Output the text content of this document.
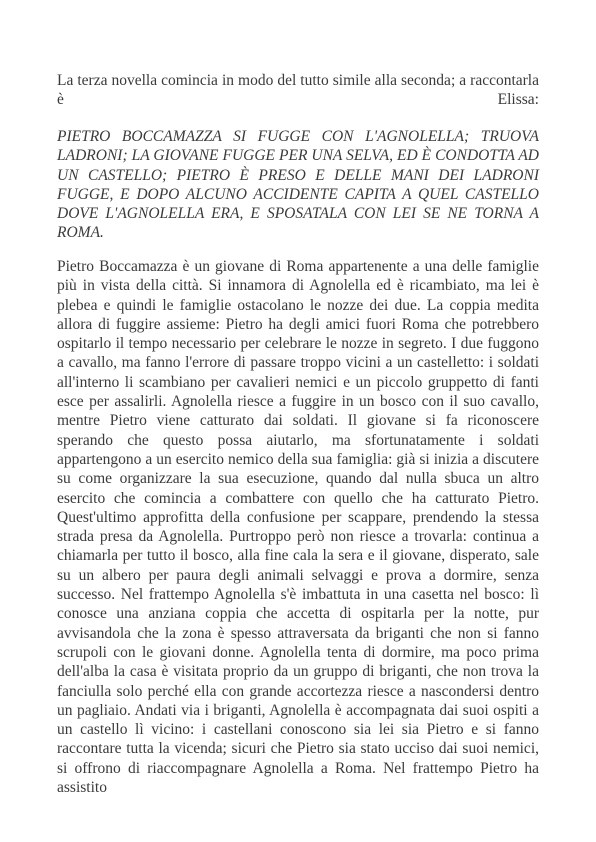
La terza novella comincia in modo del tutto simile alla seconda; a raccontarla è Elissa:

PIETRO BOCCAMAZZA SI FUGGE CON L'AGNOLELLA; TRUOVA LADRONI; LA GIOVANE FUGGE PER UNA SELVA, ED È CONDOTTA AD UN CASTELLO; PIETRO È PRESO E DELLE MANI DEI LADRONI FUGGE, E DOPO ALCUNO ACCIDENTE CAPITA A QUEL CASTELLO DOVE L'AGNOLELLA ERA, E SPOSATALA CON LEI SE NE TORNA A ROMA.

Pietro Boccamazza è un giovane di Roma appartenente a una delle famiglie più in vista della città. Si innamora di Agnolella ed è ricambiato, ma lei è plebea e quindi le famiglie ostacolano le nozze dei due. La coppia medita allora di fuggire assieme: Pietro ha degli amici fuori Roma che potrebbero ospitarlo il tempo necessario per celebrare le nozze in segreto. I due fuggono a cavallo, ma fanno l'errore di passare troppo vicini a un castelletto: i soldati all'interno li scambiano per cavalieri nemici e un piccolo gruppetto di fanti esce per assalirli. Agnolella riesce a fuggire in un bosco con il suo cavallo, mentre Pietro viene catturato dai soldati. Il giovane si fa riconoscere sperando che questo possa aiutarlo, ma sfortunatamente i soldati appartengono a un esercito nemico della sua famiglia: già si inizia a discutere su come organizzare la sua esecuzione, quando dal nulla sbuca un altro esercito che comincia a combattere con quello che ha catturato Pietro. Quest'ultimo approfitta della confusione per scappare, prendendo la stessa strada presa da Agnolella. Purtroppo però non riesce a trovarla: continua a chiamarla per tutto il bosco, alla fine cala la sera e il giovane, disperato, sale su un albero per paura degli animali selvaggi e prova a dormire, senza successo. Nel frattempo Agnolella s'è imbattuta in una casetta nel bosco: lì conosce una anziana coppia che accetta di ospitarla per la notte, pur avvisandola che la zona è spesso attraversata da briganti che non si fanno scrupoli con le giovani donne. Agnolella tenta di dormire, ma poco prima dell'alba la casa è visitata proprio da un gruppo di briganti, che non trova la fanciulla solo perché ella con grande accortezza riesce a nascondersi dentro un pagliaio. Andati via i briganti, Agnolella è accompagnata dai suoi ospiti a un castello lì vicino: i castellani conoscono sia lei sia Pietro e si fanno raccontare tutta la vicenda; sicuri che Pietro sia stato ucciso dai suoi nemici, si offrono di riaccompagnare Agnolella a Roma. Nel frattempo Pietro ha assistito
